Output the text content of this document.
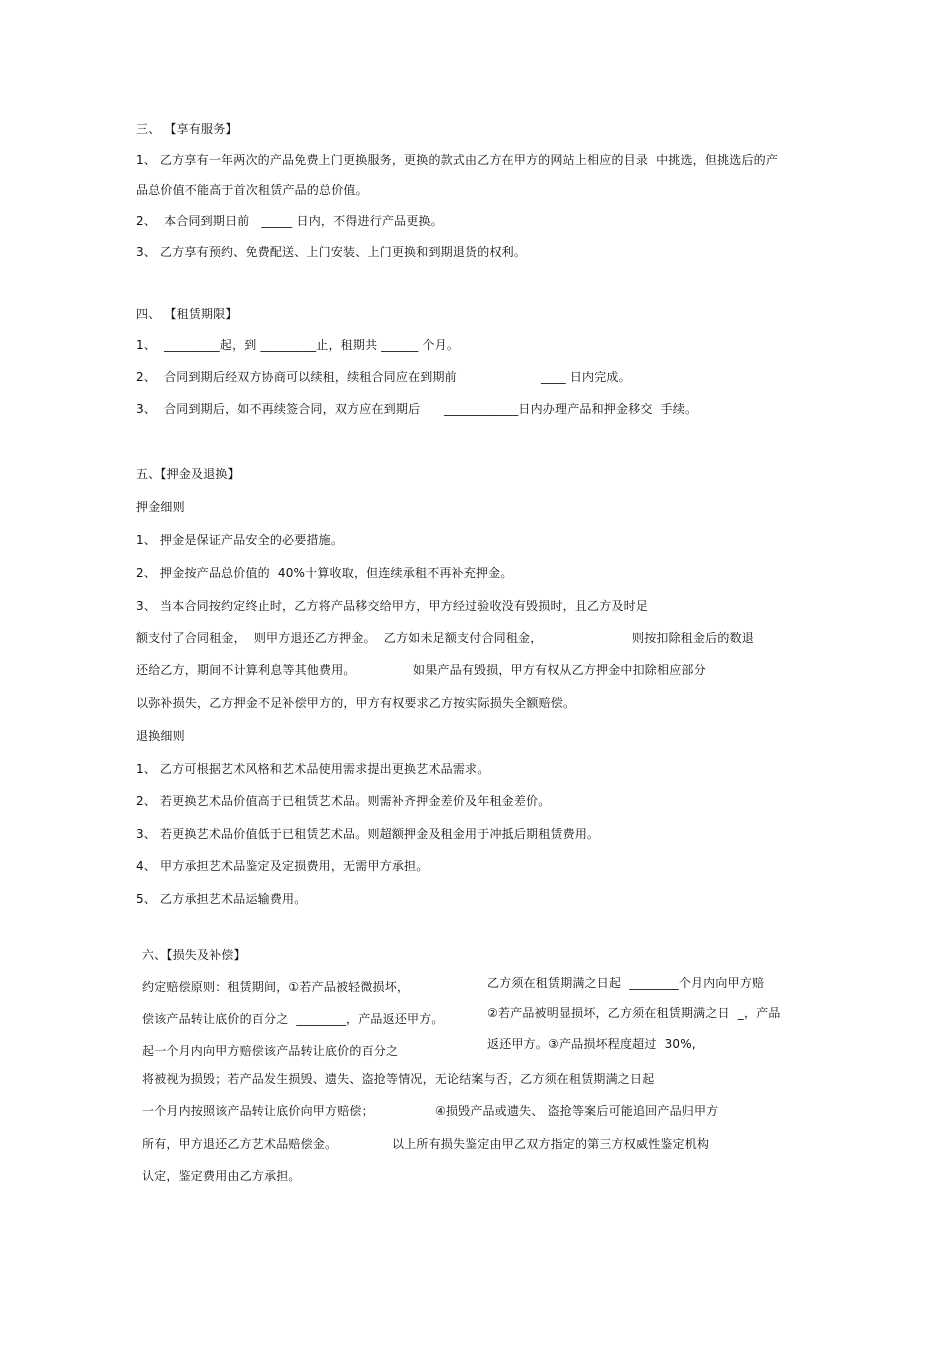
三、 【享有服务】
1、 乙方享有一年两次的产品免费上门更换服务，更换的款式由乙方在甲方的网站上相应的目录  中挑选，但挑选后的产
品总价值不能高于首次租赁产品的总价值。
2、  本合同到期日前   _____ 日内，不得进行产品更换。
3、 乙方享有预约、免费配送、上门安装、上门更换和到期退货的权利。
四、 【租赁期限】
1、  _________起，到 _________止，租期共 ______ 个月。
2、  合同到期后经双方协商可以续租，续租合同应在到期前	____ 日内完成。
3、  合同到期后，如不再续签合同，双方应在到期后 ____________日内办理产品和押金移交  手续。
五、【押金及退换】
押金细则
1、 押金是保证产品安全的必要措施。
2、 押金按产品总价值的  40%十算收取，但连续承租不再补充押金。
3、 当本合同按约定终止时，乙方将产品移交给甲方，甲方经过验收没有毁损时，且乙方及时足
额支付了合同租金，  则甲方退还乙方押金。  乙方如未足额支付合同租金，	则按扣除租金后的数退
还给乙方，期间不计算利息等其他费用。	如果产品有毁损，甲方有权从乙方押金中扣除相应部分
以弥补损失，乙方押金不足补偿甲方的，甲方有权要求乙方按实际损失全额赔偿。
退换细则
1、 乙方可根据艺术风格和艺术品使用需求提出更换艺术品需求。
2、 若更换艺术品价值高于已租赁艺术品。则需补齐押金差价及年租金差价。
3、 若更换艺术品价值低于已租赁艺术品。则超额押金及租金用于冲抵后期租赁费用。
4、 甲方承担艺术品鉴定及定损费用，无需甲方承担。
5、 乙方承担艺术品运输费用。
六、【损失及补偿】
约定赔偿原则：租赁期间，①若产品被轻微损坏，	乙方须在租赁期满之日起  ________个月内向甲方赔
偿该产品转让底价的百分之  ________，产品返还甲方。	②若产品被明显损坏，乙方须在租赁期满之日  _，产品
返还甲方。③产品损坏程度超过  30%,
起一个月内向甲方赔偿该产品转让底价的百分之
将被视为损毁；若产品发生损毁、遗失、盗抢等情况，无论结案与否，乙方须在租赁期满之日起
一个月内按照该产品转让底价向甲方赔偿；	④损毁产品或遗失、 盗抢等案后可能追回产品归甲方
所有，甲方退还乙方艺术品赔偿金。	以上所有损失鉴定由甲乙双方指定的第三方权威性鉴定机构
认定，鉴定费用由乙方承担。
